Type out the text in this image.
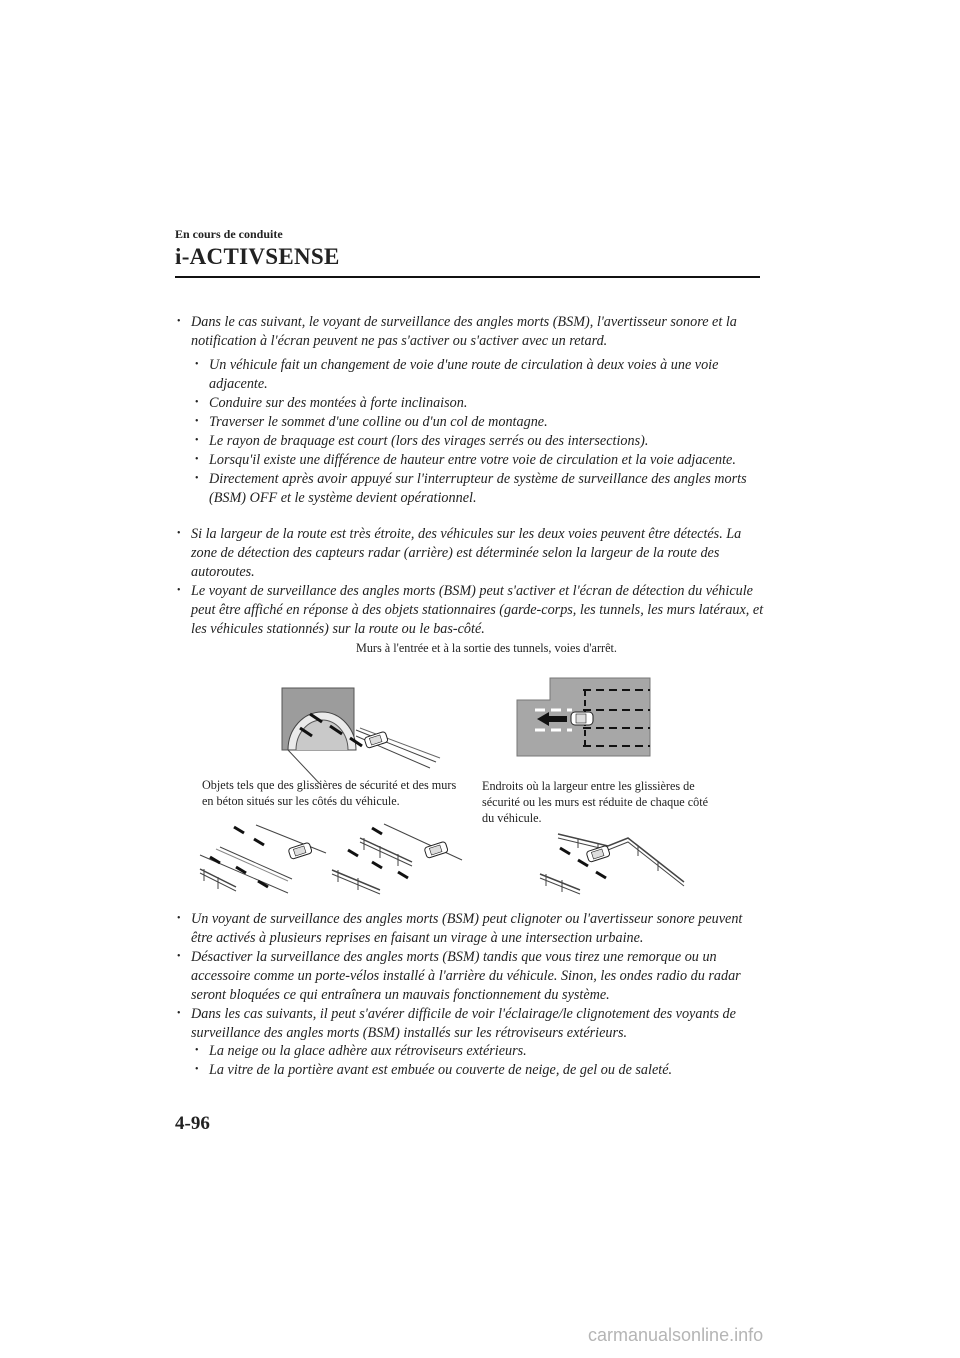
En cours de conduite
i-ACTIVSENSE
• Dans le cas suivant, le voyant de surveillance des angles morts (BSM), l'avertisseur sonore et la notification à l'écran peuvent ne pas s'activer ou s'activer avec un retard.
• Un véhicule fait un changement de voie d'une route de circulation à deux voies à une voie adjacente.
• Conduire sur des montées à forte inclinaison.
• Traverser le sommet d'une colline ou d'un col de montagne.
• Le rayon de braquage est court (lors des virages serrés ou des intersections).
• Lorsqu'il existe une différence de hauteur entre votre voie de circulation et la voie adjacente.
• Directement après avoir appuyé sur l'interrupteur de système de surveillance des angles morts (BSM) OFF et le système devient opérationnel.
• Si la largeur de la route est très étroite, des véhicules sur les deux voies peuvent être détectés. La zone de détection des capteurs radar (arrière) est déterminée selon la largeur de la route des autoroutes.
• Le voyant de surveillance des angles morts (BSM) peut s'activer et l'écran de détection du véhicule peut être affiché en réponse à des objets stationnaires (garde-corps, les tunnels, les murs latéraux, et les véhicules stationnés) sur la route ou le bas-côté.
Murs à l'entrée et à la sortie des tunnels, voies d'arrêt.
Objets tels que des glissières de sécurité et des murs en béton situés sur les côtés du véhicule.
Endroits où la largeur entre les glissières de sécurité ou les murs est réduite de chaque côté du véhicule.
• Un voyant de surveillance des angles morts (BSM) peut clignoter ou l'avertisseur sonore peuvent être activés à plusieurs reprises en faisant un virage à une intersection urbaine.
• Désactiver la surveillance des angles morts (BSM) tandis que vous tirez une remorque ou un accessoire comme un porte-vélos installé à l'arrière du véhicule. Sinon, les ondes radio du radar seront bloquées ce qui entraînera un mauvais fonctionnement du système.
• Dans les cas suivants, il peut s'avérer difficile de voir l'éclairage/le clignotement des voyants de surveillance des angles morts (BSM) installés sur les rétroviseurs extérieurs.
• La neige ou la glace adhère aux rétroviseurs extérieurs.
• La vitre de la portière avant est embuée ou couverte de neige, de gel ou de saleté.
4-96
carmanualsonline.info
